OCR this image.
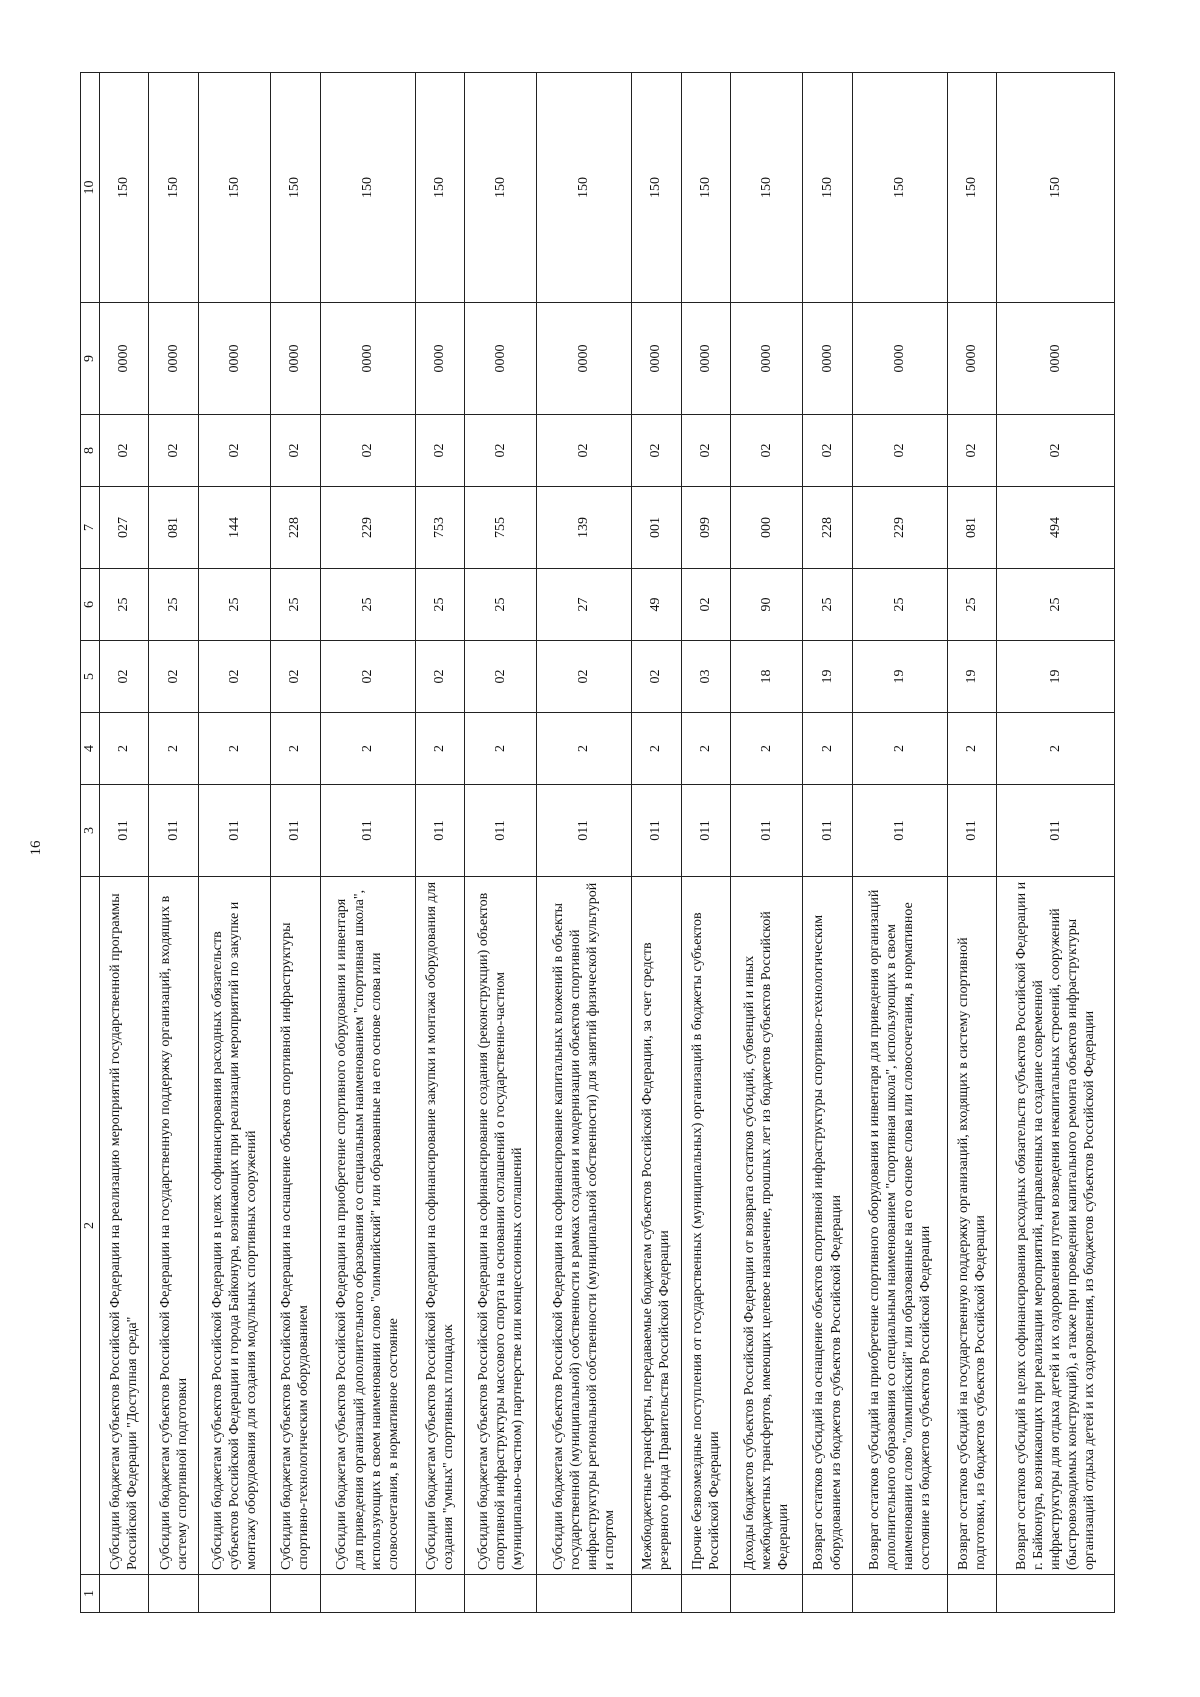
16
1	2	3	4	5	6	7	8	9	10
	Субсидии бюджетам субъектов Российской Федерации на реализацию мероприятий государственной программы Российской Федерации "Доступная среда"	011	2	02	25	027	02	0000	150
	Субсидии бюджетам субъектов Российской Федерации на государственную поддержку организаций, входящих в систему спортивной подготовки	011	2	02	25	081	02	0000	150
	Субсидии бюджетам субъектов Российской Федерации в целях софинансирования расходных обязательств субъектов Российской Федерации и города Байконура, возникающих при реализации мероприятий по закупке и монтажу оборудования для создания модульных спортивных сооружений	011	2	02	25	144	02	0000	150
	Субсидии бюджетам субъектов Российской Федерации на оснащение объектов спортивной инфраструктуры спортивно-технологическим оборудованием	011	2	02	25	228	02	0000	150
	Субсидии бюджетам субъектов Российской Федерации на приобретение спортивного оборудования и инвентаря для приведения организаций дополнительного образования со специальным наименованием "спортивная школа", использующих в своем наименовании слово "олимпийский" или образованные на его основе слова или словосочетания, в нормативное состояние	011	2	02	25	229	02	0000	150
	Субсидии бюджетам субъектов Российской Федерации на софинансирование закупки и монтажа оборудования для создания "умных" спортивных площадок	011	2	02	25	753	02	0000	150
	Субсидии бюджетам субъектов Российской Федерации на софинансирование создания (реконструкции) объектов спортивной инфраструктуры массового спорта на основании соглашений о государственно-частном (муниципально-частном) партнерстве или концессионных соглашений	011	2	02	25	755	02	0000	150
	Субсидии бюджетам субъектов Российской Федерации на софинансирование капитальных вложений в объекты государственной (муниципальной) собственности в рамках создания и модернизации объектов спортивной инфраструктуры региональной собственности (муниципальной собственности) для занятий физической культурой и спортом	011	2	02	27	139	02	0000	150
	Межбюджетные трансферты, передаваемые бюджетам субъектов Российской Федерации, за счет средств резервного фонда Правительства Российской Федерации	011	2	02	49	001	02	0000	150
	Прочие безвозмездные поступления от государственных (муниципальных) организаций в бюджеты субъектов Российской Федерации	011	2	03	02	099	02	0000	150
	Доходы бюджетов субъектов Российской Федерации от возврата остатков субсидий, субвенций и иных межбюджетных трансфертов, имеющих целевое назначение, прошлых лет из бюджетов субъектов Российской Федерации	011	2	18	90	000	02	0000	150
	Возврат остатков субсидий на оснащение объектов спортивной инфраструктуры спортивно-технологическим оборудованием из бюджетов субъектов Российской Федерации	011	2	19	25	228	02	0000	150
	Возврат остатков субсидий на приобретение спортивного оборудования и инвентаря для приведения организаций дополнительного образования со специальным наименованием "спортивная школа", использующих в своем наименовании слово "олимпийский" или образованные на его основе слова или словосочетания, в нормативное состояние из бюджетов субъектов Российской Федерации	011	2	19	25	229	02	0000	150
	Возврат остатков субсидий на государственную поддержку организаций, входящих в систему спортивной подготовки, из бюджетов субъектов Российской Федерации	011	2	19	25	081	02	0000	150
	Возврат остатков субсидий в целях софинансирования расходных обязательств субъектов Российской Федерации и г. Байконура, возникающих при реализации мероприятий, направленных на создание современной инфраструктуры для отдыха детей и их оздоровления путем возведения некапитальных строений, сооружений (быстровозводимых конструкций), а также при проведении капитального ремонта объектов инфраструктуры организаций отдыха детей и их оздоровления, из бюджетов субъектов Российской Федерации	011	2	19	25	494	02	0000	150
